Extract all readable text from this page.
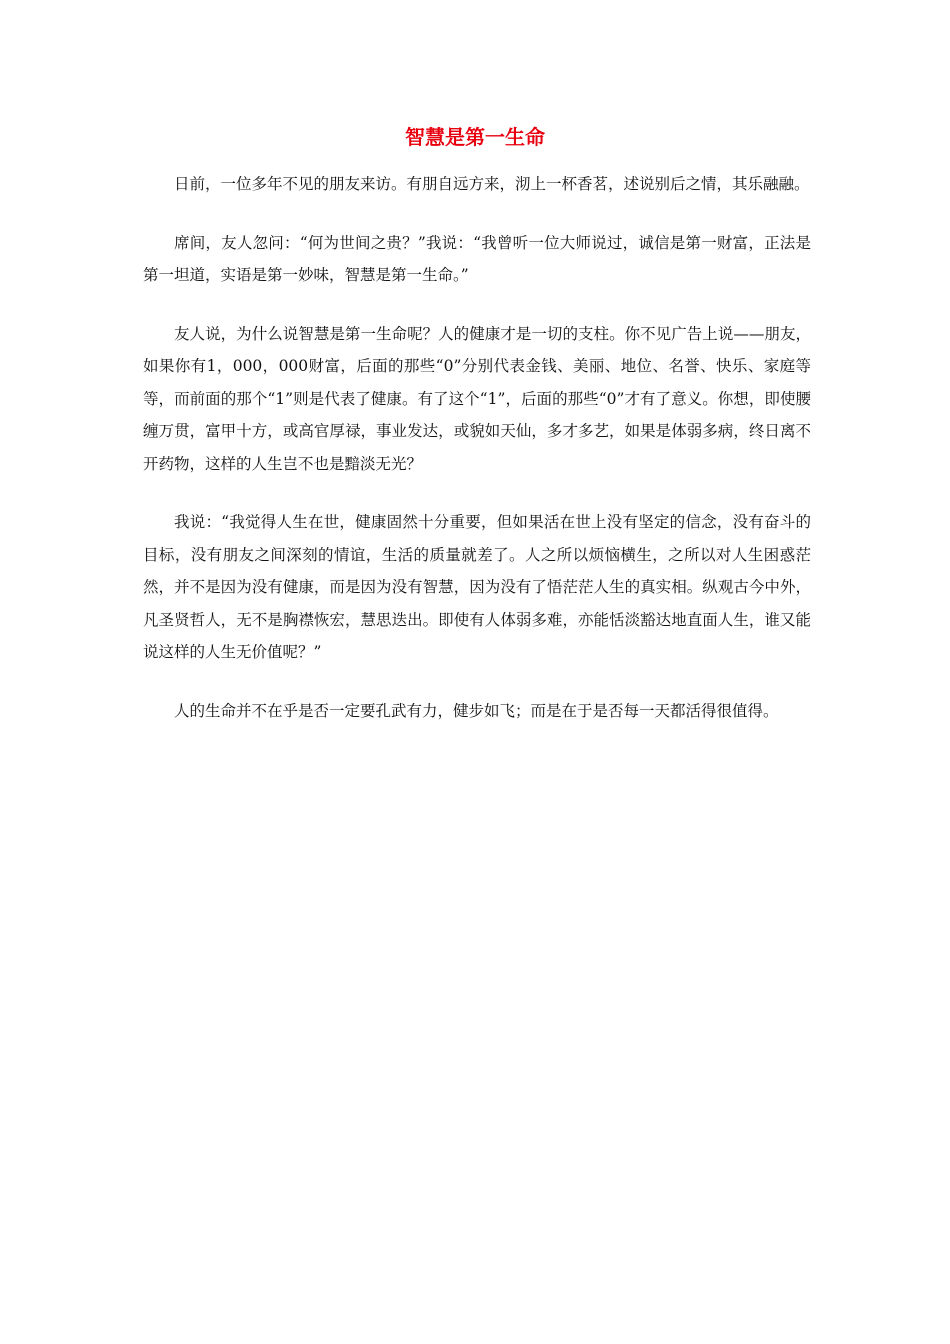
智慧是第一生命

日前，一位多年不见的朋友来访。有朋自远方来，沏上一杯香茗，述说别后之情，其乐融融。

席间，友人忽问：“何为世间之贵？”我说：“我曾听一位大师说过，诚信是第一财富，正法是第一坦道，实语是第一妙味，智慧是第一生命。”

友人说，为什么说智慧是第一生命呢？人的健康才是一切的支柱。你不见广告上说——朋友，如果你有1，000，000财富，后面的那些“0”分别代表金钱、美丽、地位、名誉、快乐、家庭等等，而前面的那个“1”则是代表了健康。有了这个“1”，后面的那些“0”才有了意义。你想，即使腰缠万贯，富甲十方，或高官厚禄，事业发达，或貌如天仙，多才多艺，如果是体弱多病，终日离不开药物，这样的人生岂不也是黯淡无光？

我说：“我觉得人生在世，健康固然十分重要，但如果活在世上没有坚定的信念，没有奋斗的目标，没有朋友之间深刻的情谊，生活的质量就差了。人之所以烦恼横生，之所以对人生困惑茫然，并不是因为没有健康，而是因为没有智慧，因为没有了悟茫茫人生的真实相。纵观古今中外，凡圣贤哲人，无不是胸襟恢宏，慧思迭出。即使有人体弱多难，亦能恬淡豁达地直面人生，谁又能说这样的人生无价值呢？”

人的生命并不在乎是否一定要孔武有力，健步如飞；而是在于是否每一天都活得很值得。
